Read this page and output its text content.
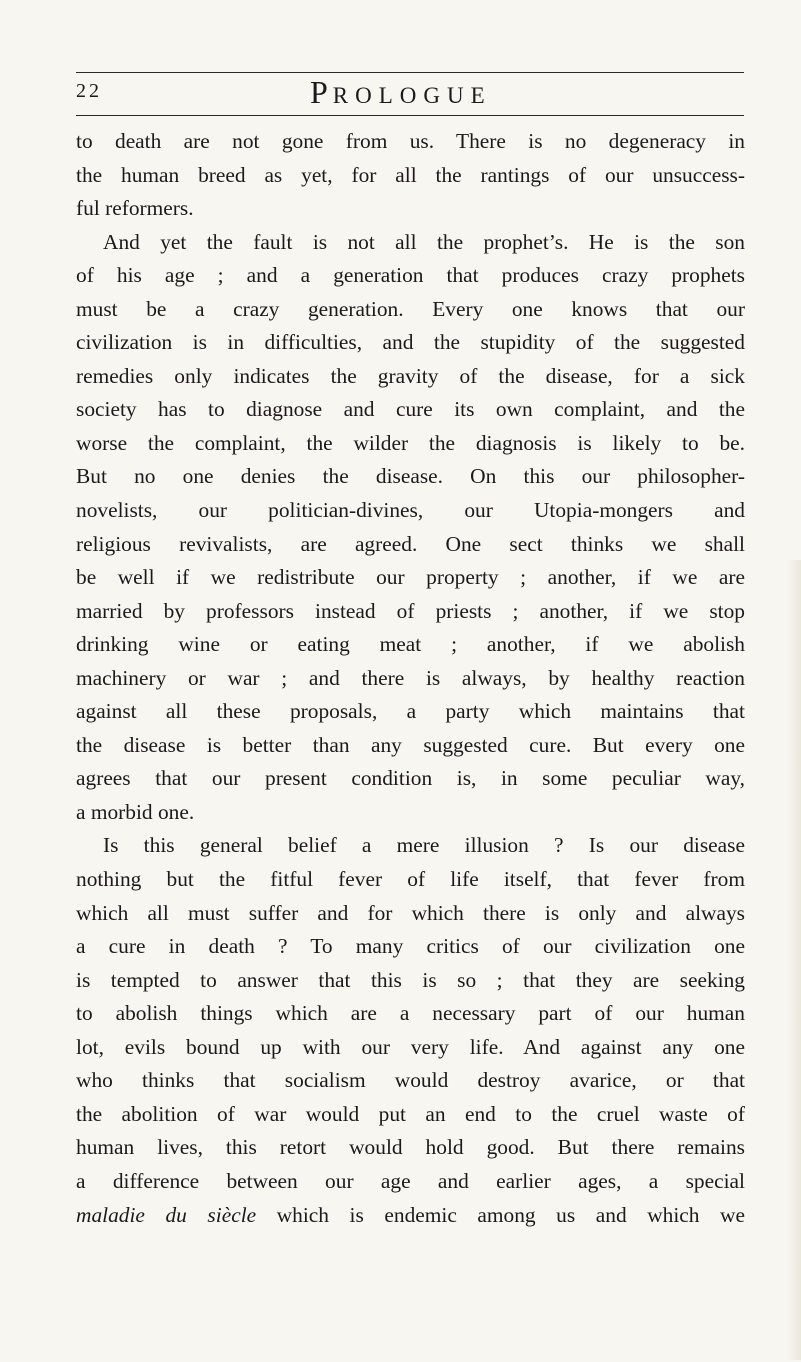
22	PROLOGUE
to death are not gone from us. There is no degeneracy in
the human breed as yet, for all the rantings of our unsuccess-
ful reformers.
And yet the fault is not all the prophet’s. He is the son
of his age ; and a generation that produces crazy prophets
must be a crazy generation. Every one knows that our
civilization is in difficulties, and the stupidity of the suggested
remedies only indicates the gravity of the disease, for a sick
society has to diagnose and cure its own complaint, and the
worse the complaint, the wilder the diagnosis is likely to be.
But no one denies the disease. On this our philosopher-
novelists, our politician-divines, our Utopia-mongers and
religious revivalists, are agreed. One sect thinks we shall
be well if we redistribute our property ; another, if we are
married by professors instead of priests ; another, if we stop
drinking wine or eating meat ; another, if we abolish
machinery or war ; and there is always, by healthy reaction
against all these proposals, a party which maintains that
the disease is better than any suggested cure. But every one
agrees that our present condition is, in some peculiar way,
a morbid one.
Is this general belief a mere illusion ? Is our disease
nothing but the fitful fever of life itself, that fever from
which all must suffer and for which there is only and always
a cure in death ? To many critics of our civilization one
is tempted to answer that this is so ; that they are seeking
to abolish things which are a necessary part of our human
lot, evils bound up with our very life. And against any one
who thinks that socialism would destroy avarice, or that
the abolition of war would put an end to the cruel waste of
human lives, this retort would hold good. But there remains
a difference between our age and earlier ages, a special
maladie du siècle which is endemic among us and which we
